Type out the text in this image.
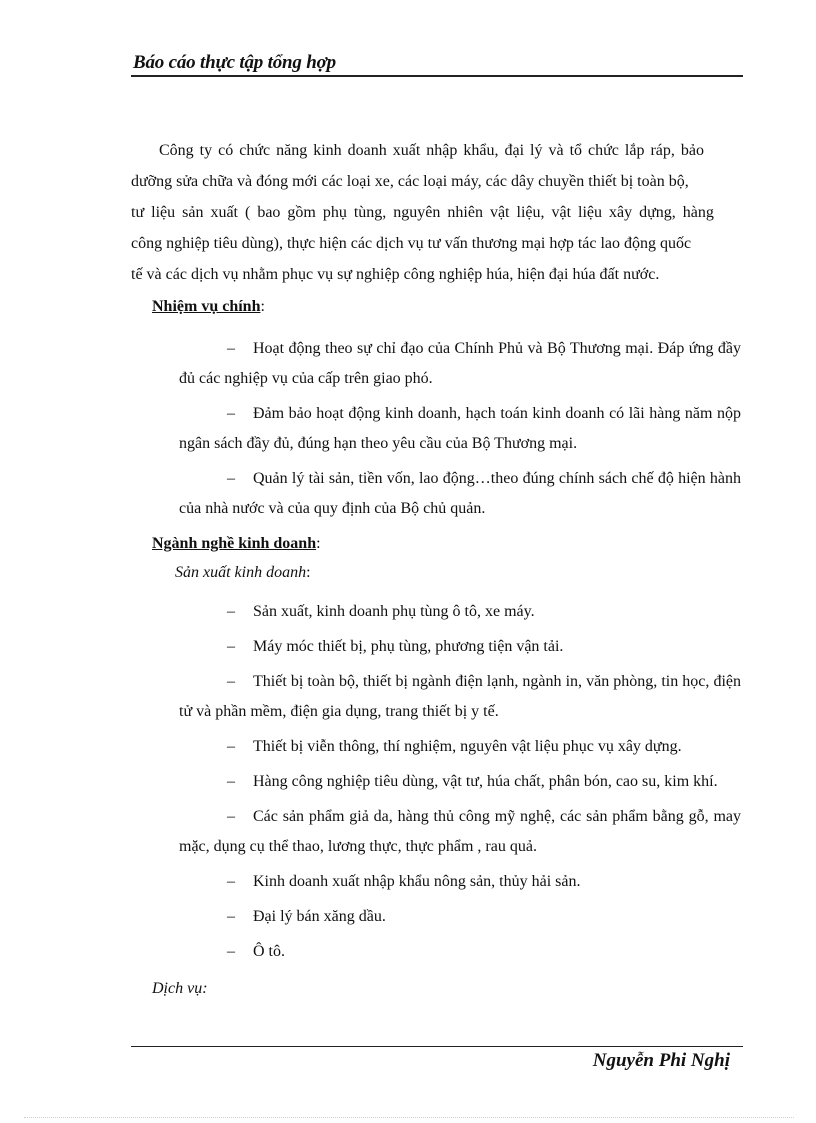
Báo cáo thực tập tổng hợp
Công ty có chức năng kinh doanh xuất nhập khẩu, đại lý và tổ chức lắp ráp, bảo
dưỡng sửa chữa và đóng mới các loại xe, các loại máy, các dây chuyền thiết bị toàn bộ,
tư liệu sản xuất ( bao gồm phụ tùng, nguyên nhiên vật liệu, vật liệu xây dựng, hàng
công nghiệp tiêu dùng), thực hiện các dịch vụ tư vấn thương mại hợp tác lao động quốc
tế và các dịch vụ nhằm phục vụ sự nghiệp công nghiệp húa, hiện đại húa đất nước.

Nhiệm vụ chính:

– Hoạt động theo sự chỉ đạo của Chính Phủ và Bộ Thương mại. Đáp ứng đầy đủ các nghiệp vụ của cấp trên giao phó.

– Đảm bảo hoạt động kinh doanh, hạch toán kinh doanh có lãi hàng năm nộp ngân sách đầy đủ, đúng hạn theo yêu cầu của Bộ Thương mại.

– Quản lý tài sản, tiền vốn, lao động…theo đúng chính sách chế độ hiện hành của nhà nước và của quy định của Bộ chủ quản.

Ngành nghề kinh doanh:

Sản xuất kinh doanh:

– Sản xuất, kinh doanh phụ tùng ô tô, xe máy.

– Máy móc thiết bị, phụ tùng, phương tiện vận tải.

– Thiết bị toàn bộ, thiết bị ngành điện lạnh, ngành in, văn phòng, tin học, điện tử và phần mềm, điện gia dụng, trang thiết bị y tế.

– Thiết bị viễn thông, thí nghiệm, nguyên vật liệu phục vụ xây dựng.

– Hàng công nghiệp tiêu dùng, vật tư, húa chất, phân bón, cao su, kim khí.

– Các sản phẩm giả da, hàng thủ công mỹ nghệ, các sản phẩm bằng gỗ, may mặc, dụng cụ thể thao, lương thực, thực phẩm , rau quả.

– Kinh doanh xuất nhập khẩu nông sản, thủy hải sản.

– Đại lý bán xăng dầu.

– Ô tô.

Dịch vụ:

Nguyễn Phi Nghị
